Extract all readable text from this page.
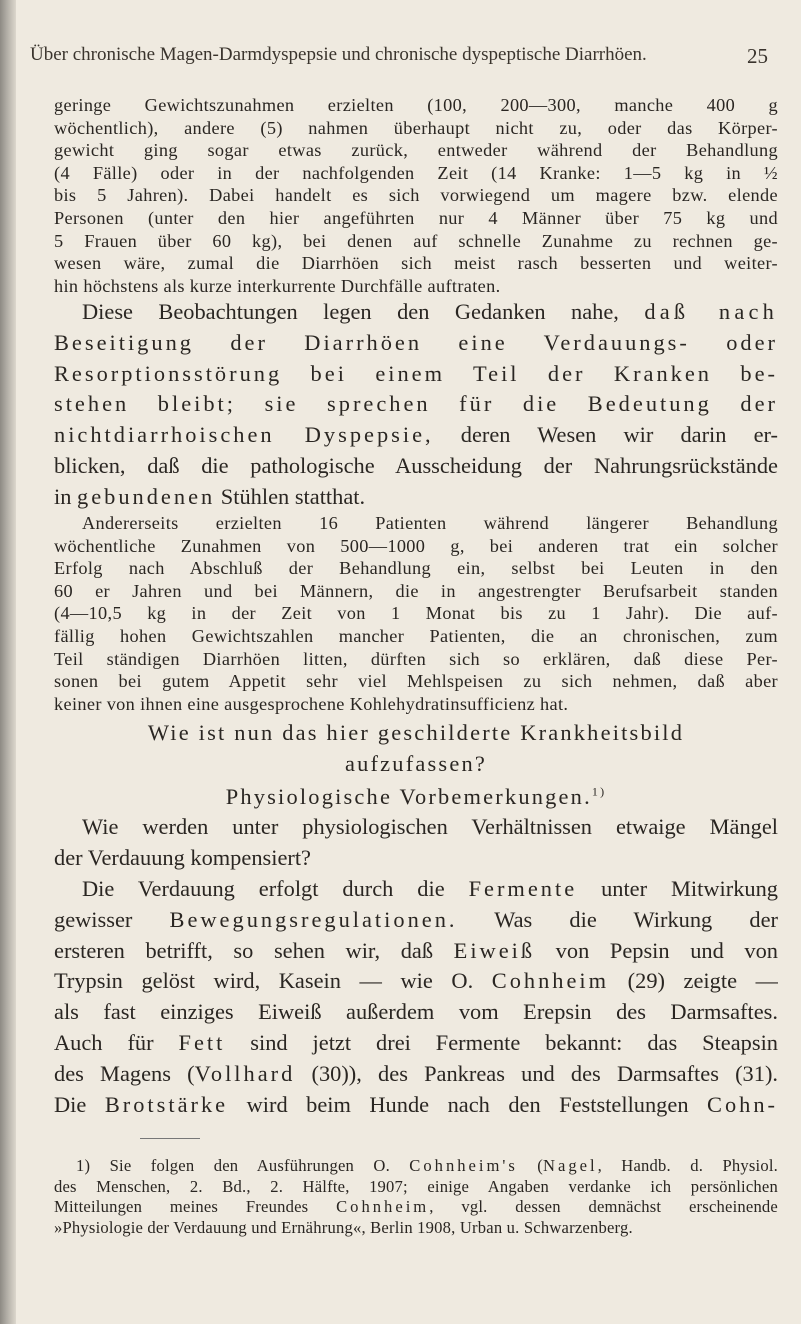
Über chronische Magen-Darmdyspepsie und chronische dyspeptische Diarrhöen.	25
geringe Gewichtszunahmen erzielten (100, 200—300, manche 400 g
wöchentlich), andere (5) nahmen überhaupt nicht zu, oder das Körper-
gewicht ging sogar etwas zurück, entweder während der Behandlung
(4 Fälle) oder in der nachfolgenden Zeit (14 Kranke: 1—5 kg in ½
bis 5 Jahren). Dabei handelt es sich vorwiegend um magere bzw. elende
Personen (unter den hier angeführten nur 4 Männer über 75 kg und
5 Frauen über 60 kg), bei denen auf schnelle Zunahme zu rechnen ge-
wesen wäre, zumal die Diarrhöen sich meist rasch besserten und weiter-
hin höchstens als kurze interkurrente Durchfälle auftraten.
Diese Beobachtungen legen den Gedanken nahe, daß nach
Beseitigung der Diarrhöen eine Verdauungs- oder
Resorptionsstörung bei einem Teil der Kranken be-
stehen bleibt; sie sprechen für die Bedeutung der
nichtdiarrhoischen Dyspepsie, deren Wesen wir darin er-
blicken, daß die pathologische Ausscheidung der Nahrungsrückstände
in gebundenen Stühlen statthat.
Andererseits erzielten 16 Patienten während längerer Behandlung
wöchentliche Zunahmen von 500—1000 g, bei anderen trat ein solcher
Erfolg nach Abschluß der Behandlung ein, selbst bei Leuten in den
60 er Jahren und bei Männern, die in angestrengter Berufsarbeit standen
(4—10,5 kg in der Zeit von 1 Monat bis zu 1 Jahr). Die auf-
fällig hohen Gewichtszahlen mancher Patienten, die an chronischen, zum
Teil ständigen Diarrhöen litten, dürften sich so erklären, daß diese Per-
sonen bei gutem Appetit sehr viel Mehlspeisen zu sich nehmen, daß aber
keiner von ihnen eine ausgesprochene Kohlehydratinsufficienz hat.
Wie ist nun das hier geschilderte Krankheitsbild
aufzufassen?
Physiologische Vorbemerkungen.$^{1)}$
Wie werden unter physiologischen Verhältnissen etwaige Mängel
der Verdauung kompensiert?
Die Verdauung erfolgt durch die Fermente unter Mitwirkung
gewisser Bewegungsregulationen. Was die Wirkung der
ersteren betrifft, so sehen wir, daß Eiweiß von Pepsin und von
Trypsin gelöst wird, Kasein — wie O. Cohnheim (29) zeigte —
als fast einziges Eiweiß außerdem vom Erepsin des Darmsaftes.
Auch für Fett sind jetzt drei Fermente bekannt: das Steapsin
des Magens (Vollhard (30)), des Pankreas und des Darmsaftes (31).
Die Brotstärke wird beim Hunde nach den Feststellungen Cohn-
1) Sie folgen den Ausführungen O. Cohnheim's (Nagel, Handb. d. Physiol.
des Menschen, 2. Bd., 2. Hälfte, 1907; einige Angaben verdanke ich persönlichen
Mitteilungen meines Freundes Cohnheim, vgl. dessen demnächst erscheinende
»Physiologie der Verdauung und Ernährung«, Berlin 1908, Urban u. Schwarzenberg.
